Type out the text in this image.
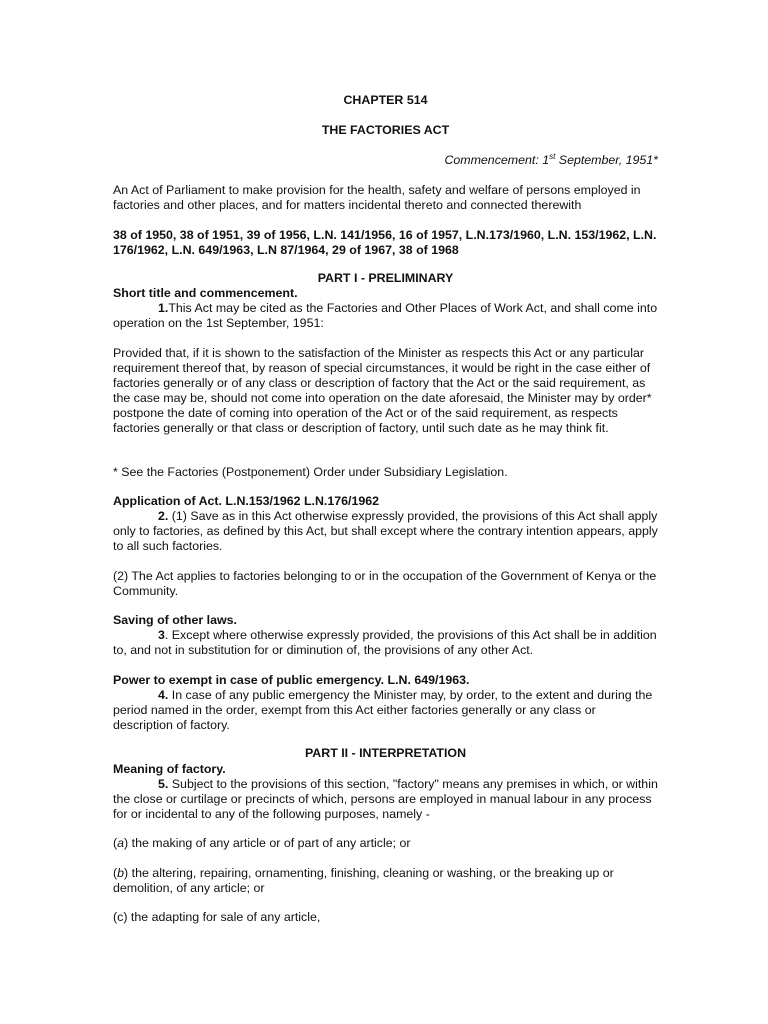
CHAPTER 514

THE FACTORIES ACT

Commencement: 1st September, 1951*

An Act of Parliament to make provision for the health, safety and welfare of persons employed in factories and other places, and for matters incidental thereto and connected therewith

38 of 1950, 38 of 1951, 39 of 1956, L.N. 141/1956, 16 of 1957, L.N.173/1960, L.N. 153/1962, L.N. 176/1962, L.N. 649/1963, L.N 87/1964, 29 of 1967, 38 of 1968

PART I - PRELIMINARY

Short title and commencement.

1.This Act may be cited as the Factories and Other Places of Work Act, and shall come into operation on the 1st September, 1951:

Provided that, if it is shown to the satisfaction of the Minister as respects this Act or any particular requirement thereof that, by reason of special circumstances, it would be right in the case either of factories generally or of any class or description of factory that the Act or the said requirement, as the case may be, should not come into operation on the date aforesaid, the Minister may by order* postpone the date of coming into operation of the Act or of the said requirement, as respects factories generally or that class or description of factory, until such date as he may think fit.

* See the Factories (Postponement) Order under Subsidiary Legislation.

Application of Act. L.N.153/1962 L.N.176/1962

2. (1) Save as in this Act otherwise expressly provided, the provisions of this Act shall apply only to factories, as defined by this Act, but shall except where the contrary intention appears, apply to all such factories.

(2) The Act applies to factories belonging to or in the occupation of the Government of Kenya or the Community.

Saving of other laws.

3. Except where otherwise expressly provided, the provisions of this Act shall be in addition to, and not in substitution for or diminution of, the provisions of any other Act.

Power to exempt in case of public emergency. L.N. 649/1963.

4. In case of any public emergency the Minister may, by order, to the extent and during the period named in the order, exempt from this Act either factories generally or any class or description of factory.

PART II - INTERPRETATION

Meaning of factory.

5. Subject to the provisions of this section, "factory" means any premises in which, or within the close or curtilage or precincts of which, persons are employed in manual labour in any process for or incidental to any of the following purposes, namely -

(a) the making of any article or of part of any article; or

(b) the altering, repairing, ornamenting, finishing, cleaning or washing, or the breaking up or demolition, of any article; or

(c) the adapting for sale of any article,
